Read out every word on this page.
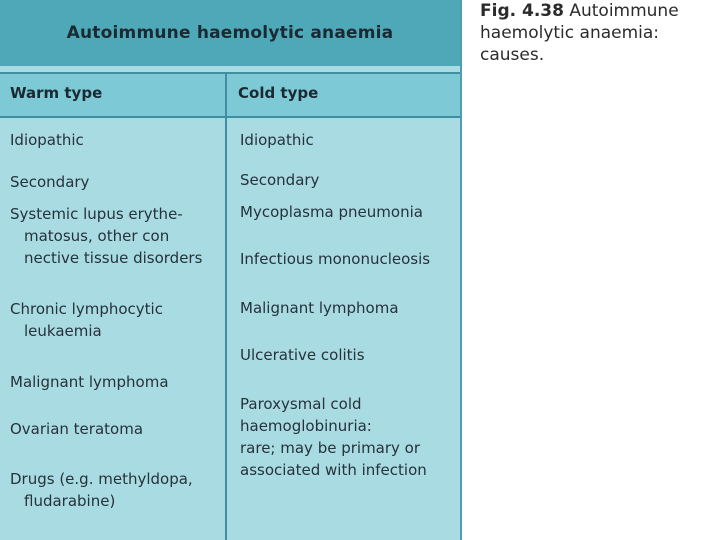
Autoimmune haemolytic anaemia
Warm type	Cold type
Idiopathic
Secondary
Systemic lupus erythe-
matosus, other con
nective tissue disorders
Chronic lymphocytic
leukaemia
Malignant lymphoma
Ovarian teratoma
Drugs (e.g. methyldopa,
fludarabine)
Idiopathic
Secondary
Mycoplasma pneumonia
Infectious mononucleosis
Malignant lymphoma
Ulcerative colitis
Paroxysmal cold
haemoglobinuria:
rare; may be primary or
associated with infection
Fig. 4.38 Autoimmune
haemolytic anaemia:
causes.
